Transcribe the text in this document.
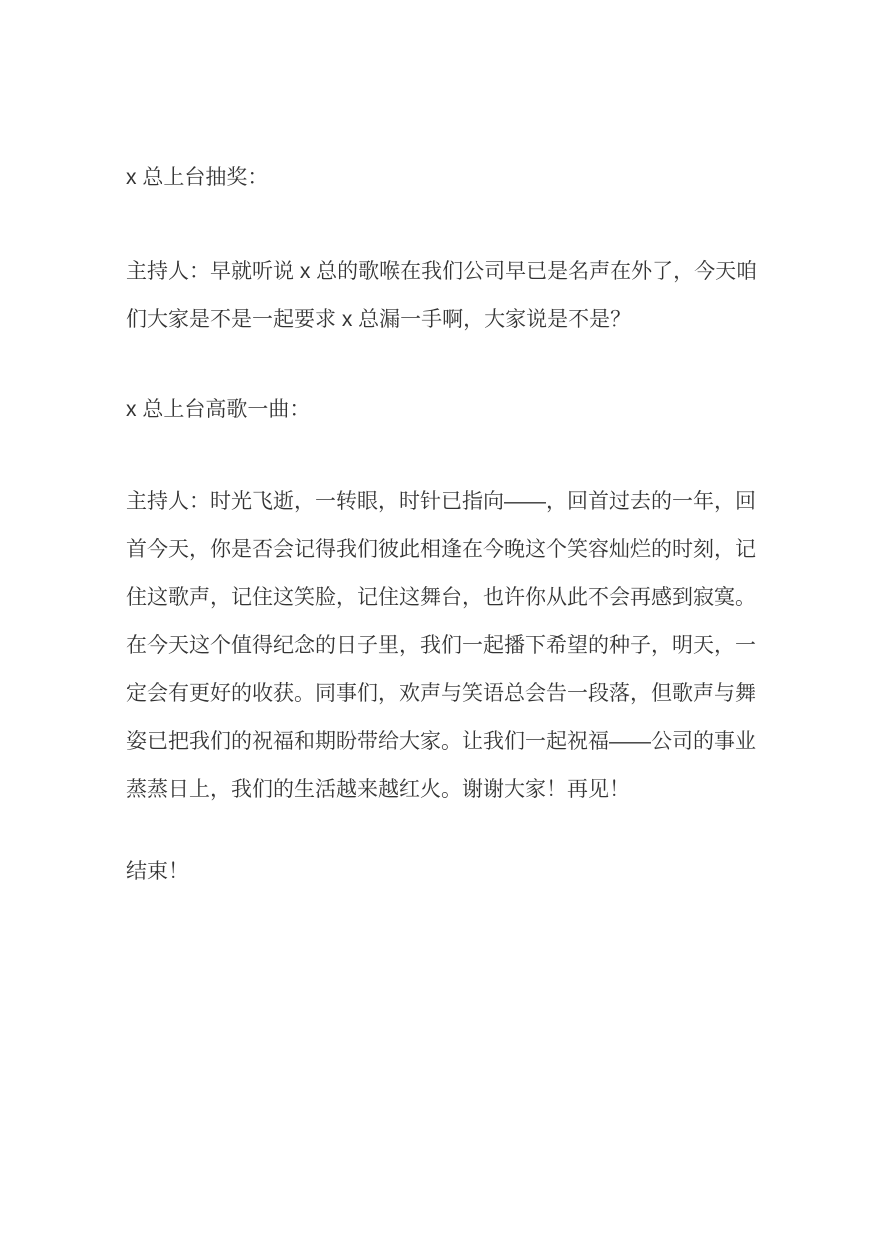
x 总上台抽奖：
主持人：早就听说 x 总的歌喉在我们公司早已是名声在外了，今天咱们大家是不是一起要求 x 总漏一手啊，大家说是不是？
x 总上台高歌一曲：
主持人：时光飞逝，一转眼，时针已指向——，回首过去的一年，回首今天，你是否会记得我们彼此相逢在今晚这个笑容灿烂的时刻，记住这歌声，记住这笑脸，记住这舞台，也许你从此不会再感到寂寞。在今天这个值得纪念的日子里，我们一起播下希望的种子，明天，一定会有更好的收获。同事们，欢声与笑语总会告一段落，但歌声与舞姿已把我们的祝福和期盼带给大家。让我们一起祝福——公司的事业蒸蒸日上，我们的生活越来越红火。谢谢大家！再见！
结束！
